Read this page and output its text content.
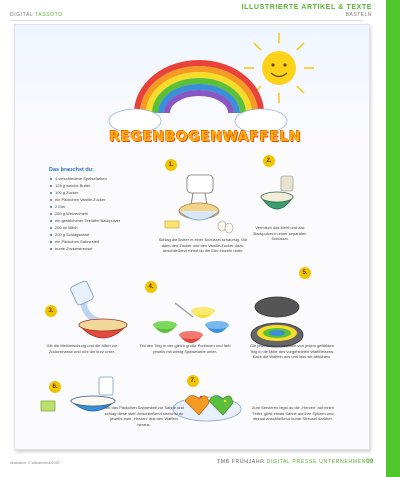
ILLUSTRIERTE ARTIKEL & TEXTE
BASTELN
DIGITAL TASSOTO
REGENBOGENWAFFELN
Das brauchst du:
4 verschiedene Speisefarben
125 g weiche Butter
100 g Zucker
ein Päckchen Vanille-Zucker
2 Eier
250 g Weizenmehl
ein gestrichener Teelöffel Backpulver
250 ml Milch
200 g Schlagsahne
ein Päckchen Sahnesteif
bunte Zuckerstreusel
1.
Schlag die Butter in einer Schüssel schaumig. Gib dann den Zucker und den Vanille-Zucker dazu. Anschließend rührst du die Eier einzeln unter.
2.
Vermisch das Mehl und das Backpulver in einer separaten Schüssel.
3.
Gib die Mehlmischung und die Milch zur Zuckermasse und rühr die kurz unter.
4.
Teil den Teig in vier gleich große Portionen und färb jeweils mit wenig Speisefarbe unter.
5.
Gib jeweils einen Esslöffel von jedem gefärbten Teig in die Mitte des vorgeheizten Waffeleisens. Back die Waffeln aus und lass sie abkühlen.
6.
Gib das Päckchen Sahnesteif zur Sahne und schlag diese steif. Anschließend streichst du jeweils zwei „Herzen“ aus den Waffeln heraus.
7.
Zum Servieren legst du die „Herzen“ auf einen Teller, gibst etwas Sahne auf ihre Spitzen und streust anschließend bunte Streusel darüber.
Illustration: © Wiedenbeck/2020	TMB FRÜHJAHR DIGITAL PRESSE UNTERNEHMEN 09
